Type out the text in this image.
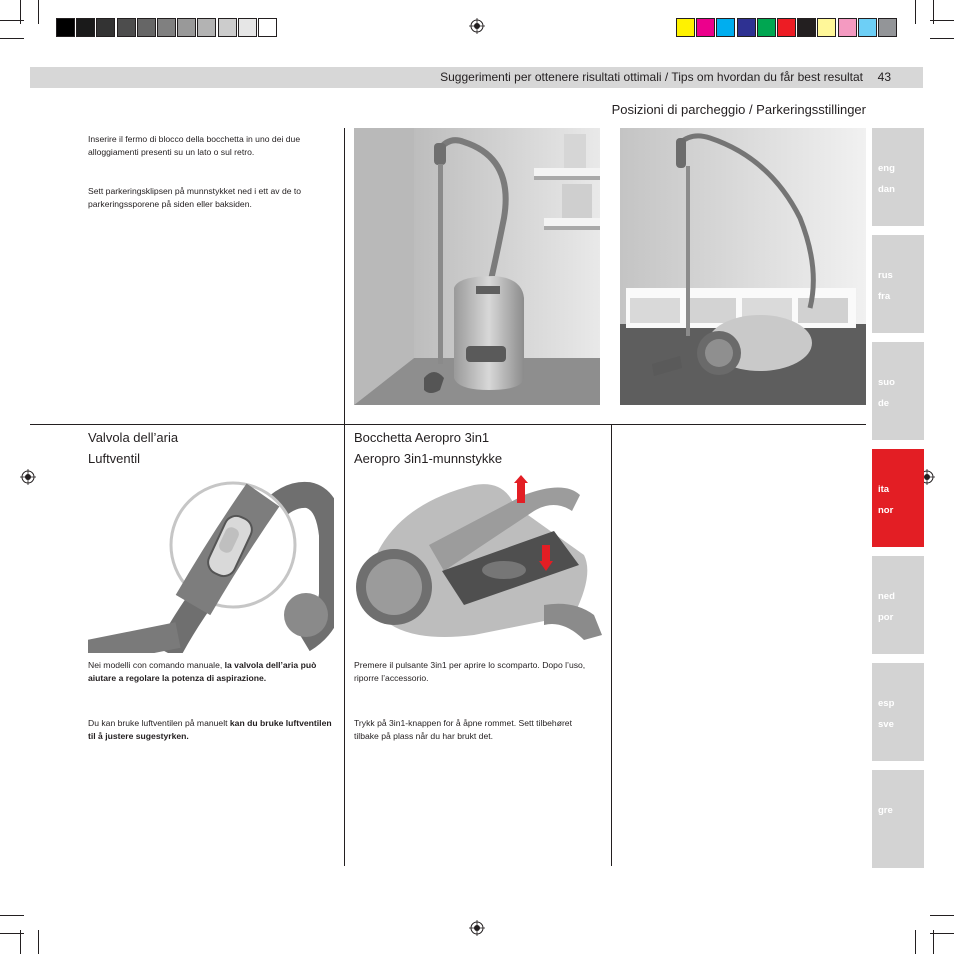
Suggerimenti per ottenere risultati ottimali / Tips om hvordan du får best resultat 43
Posizioni di parcheggio / Parkeringsstillinger
Inserire il fermo di blocco della bocchetta in uno dei due alloggiamenti presenti su un lato o sul retro.
Sett parkeringsklipsen på munnstykket ned i ett av de to parkeringssporene på siden eller baksiden.
Valvola dell’aria
Luftventil
Nei modelli con comando manuale, la valvola dell’aria può aiutare a regolare la potenza di aspirazione.
Du kan bruke luftventilen på manuelt kan du bruke luftventilen til å justere sugestyrken.
Bocchetta Aeropro 3in1
Aeropro 3in1-munnstykke
Premere il pulsante 3in1 per aprire lo scomparto. Dopo l’uso, riporre l’accessorio.
Trykk på 3in1-knappen for å åpne rommet. Sett tilbehøret tilbake på plass når du har brukt det.
eng
dan
rus
fra
suo
de
ita
nor
ned
por
esp
sve
gre
